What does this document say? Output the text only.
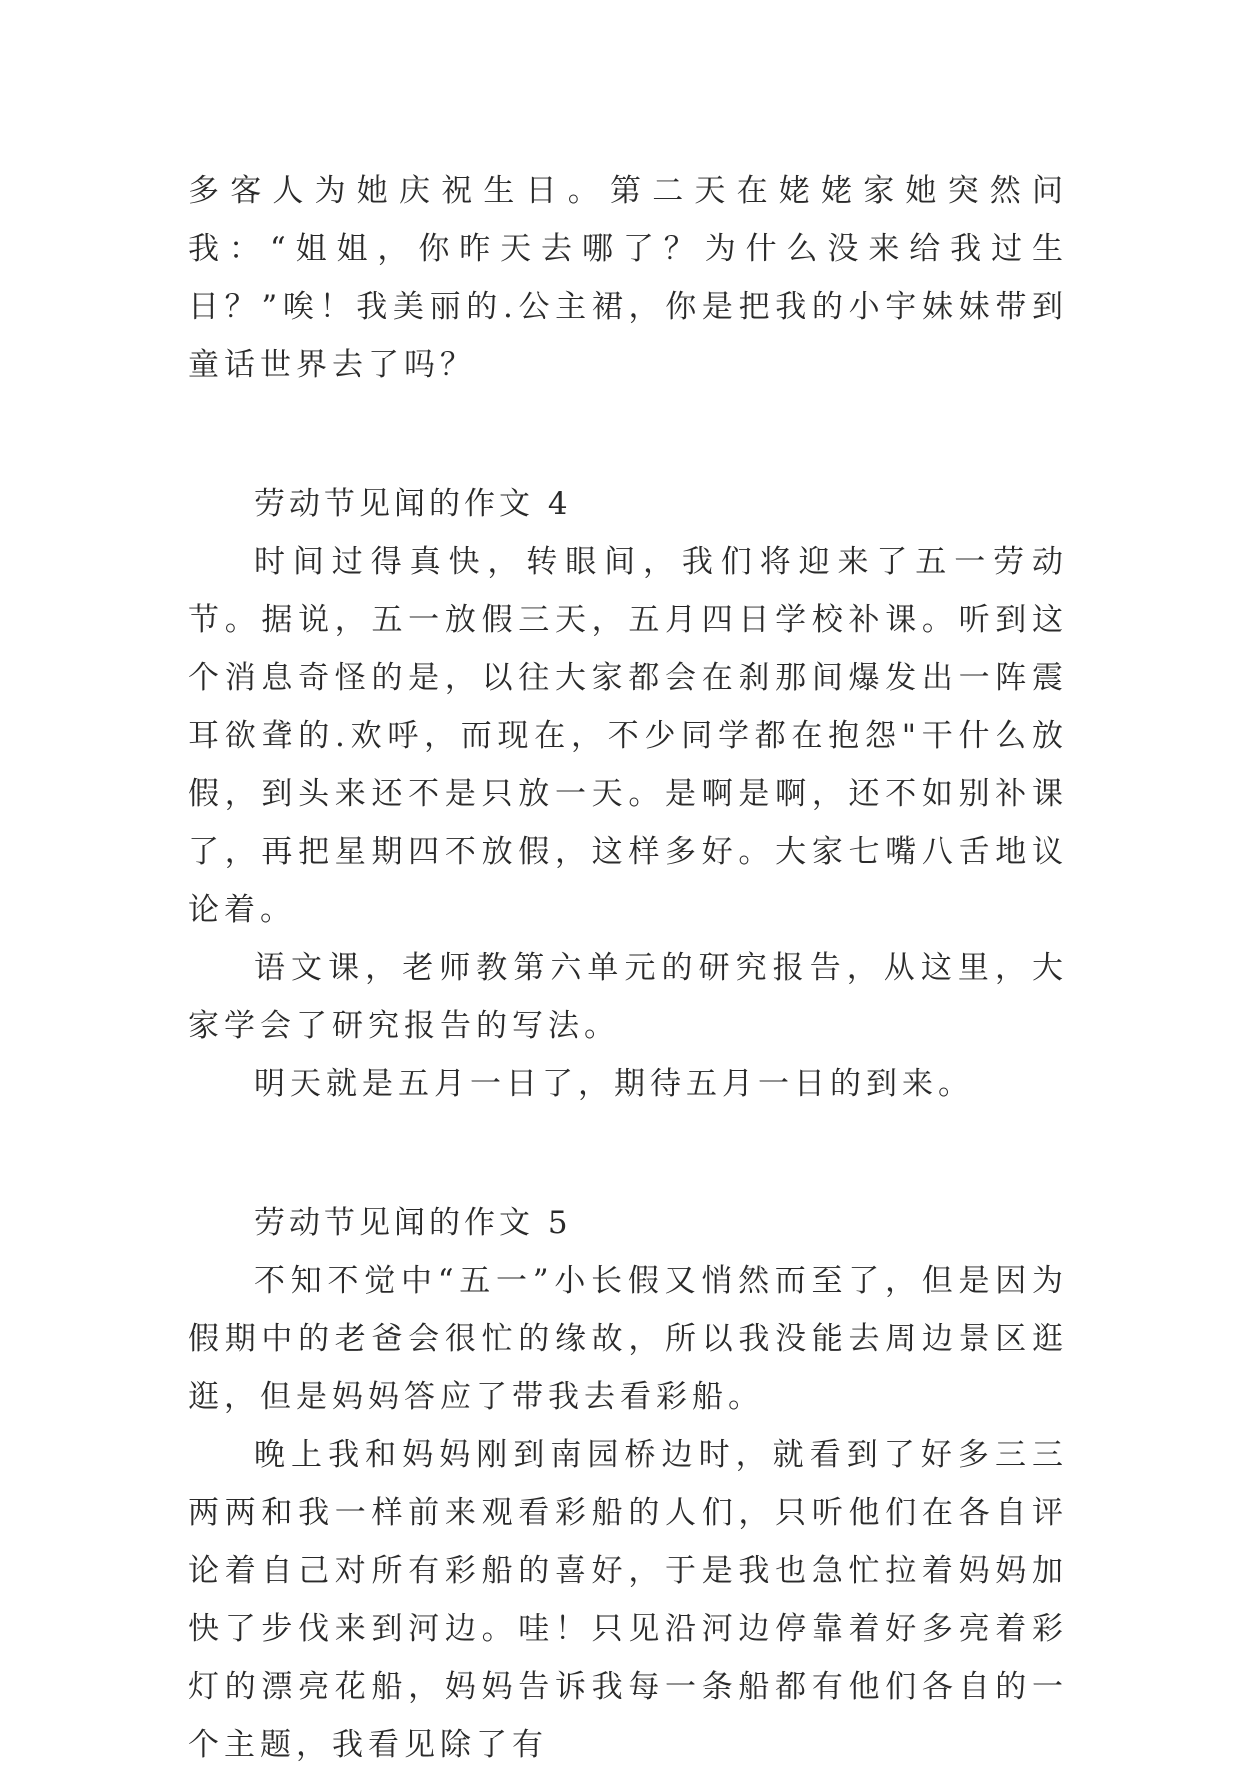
多客人为她庆祝生日。第二天在姥姥家她突然问我：“姐姐，你昨天去哪了？为什么没来给我过生日？”唉！我美丽的.公主裙，你是把我的小宇妹妹带到童话世界去了吗？

劳动节见闻的作文 4

时间过得真快，转眼间，我们将迎来了五一劳动节。据说，五一放假三天，五月四日学校补课。听到这个消息奇怪的是，以往大家都会在刹那间爆发出一阵震耳欲聋的.欢呼，而现在，不少同学都在抱怨"干什么放假，到头来还不是只放一天。是啊是啊，还不如别补课了，再把星期四不放假，这样多好。大家七嘴八舌地议论着。

语文课，老师教第六单元的研究报告，从这里，大家学会了研究报告的写法。

明天就是五月一日了，期待五月一日的到来。

劳动节见闻的作文 5

不知不觉中“五一”小长假又悄然而至了，但是因为假期中的老爸会很忙的缘故，所以我没能去周边景区逛逛，但是妈妈答应了带我去看彩船。

晚上我和妈妈刚到南园桥边时，就看到了好多三三两两和我一样前来观看彩船的人们，只听他们在各自评论着自己对所有彩船的喜好，于是我也急忙拉着妈妈加快了步伐来到河边。哇！只见沿河边停靠着好多亮着彩灯的漂亮花船，妈妈告诉我每一条船都有他们各自的一个主题，我看见除了有
